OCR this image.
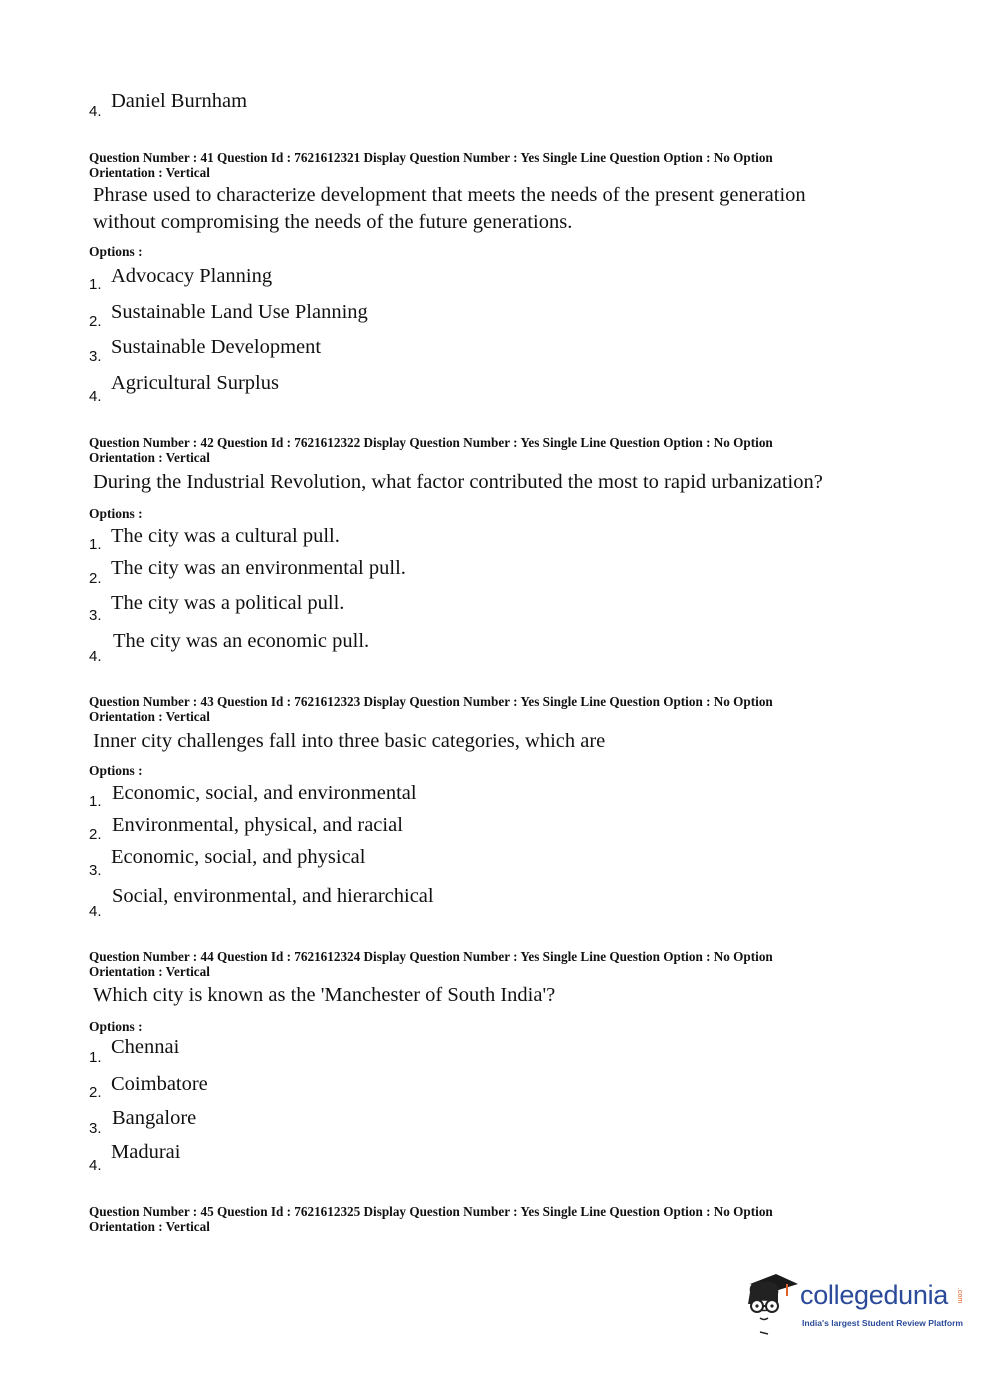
4. Daniel Burnham
Question Number : 41 Question Id : 7621612321 Display Question Number : Yes Single Line Question Option : No Option
Orientation : Vertical
Phrase used to characterize development that meets the needs of the present generation
without compromising the needs of the future generations.
Options :
1. Advocacy Planning
2. Sustainable Land Use Planning
3. Sustainable Development
4.
Agricultural Surplus
Question Number : 42 Question Id : 7621612322 Display Question Number : Yes Single Line Question Option : No Option
Orientation : Vertical
During the Industrial Revolution, what factor contributed the most to rapid urbanization?
Options :
1. The city was a cultural pull.
2. The city was an environmental pull.
3.
The city was a political pull.
4.
The city was an economic pull.
Question Number : 43 Question Id : 7621612323 Display Question Number : Yes Single Line Question Option : No Option
Orientation : Vertical
Inner city challenges fall into three basic categories, which are
Options :
1. Economic, social, and environmental
2. Environmental, physical, and racial
3.
Economic, social, and physical
4.
Social, environmental, and hierarchical
Question Number : 44 Question Id : 7621612324 Display Question Number : Yes Single Line Question Option : No Option
Orientation : Vertical
Which city is known as the 'Manchester of South India'?
Options :
1. Chennai
2. Coimbatore
3. Bangalore
4.
Madurai
Question Number : 45 Question Id : 7621612325 Display Question Number : Yes Single Line Question Option : No Option
Orientation : Vertical
collegedunia .com
India's largest Student Review Platform
